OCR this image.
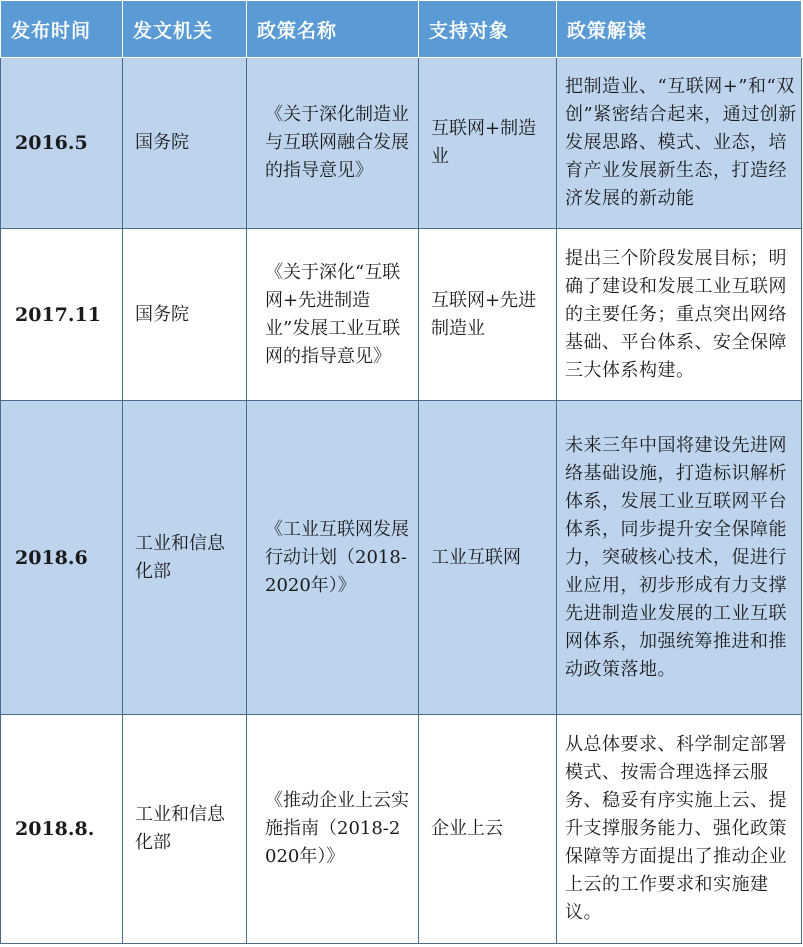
发布时间	发文机关	政策名称	支持对象	政策解读
2016.5	国务院	《关于深化制造业与互联网融合发展的指导意见》	互联网+制造业	把制造业、“互联网+”和“双创”紧密结合起来，通过创新发展思路、模式、业态，培育产业发展新生态，打造经济发展的新动能
2017.11	国务院	《关于深化“互联网+先进制造业”发展工业互联网的指导意见》	互联网+先进制造业	提出三个阶段发展目标；明确了建设和发展工业互联网的主要任务；重点突出网络基础、平台体系、安全保障三大体系构建。
2018.6	工业和信息化部	《工业互联网发展行动计划（2018-2020年）》	工业互联网	未来三年中国将建设先进网络基础设施，打造标识解析体系，发展工业互联网平台体系，同步提升安全保障能力，突破核心技术，促进行业应用，初步形成有力支撑先进制造业发展的工业互联网体系，加强统筹推进和推动政策落地。
2018.8.	工业和信息化部	《推动企业上云实施指南（2018-2020年）》	企业上云	从总体要求、科学制定部署模式、按需合理选择云服务、稳妥有序实施上云、提升支撑服务能力、强化政策保障等方面提出了推动企业上云的工作要求和实施建议。
